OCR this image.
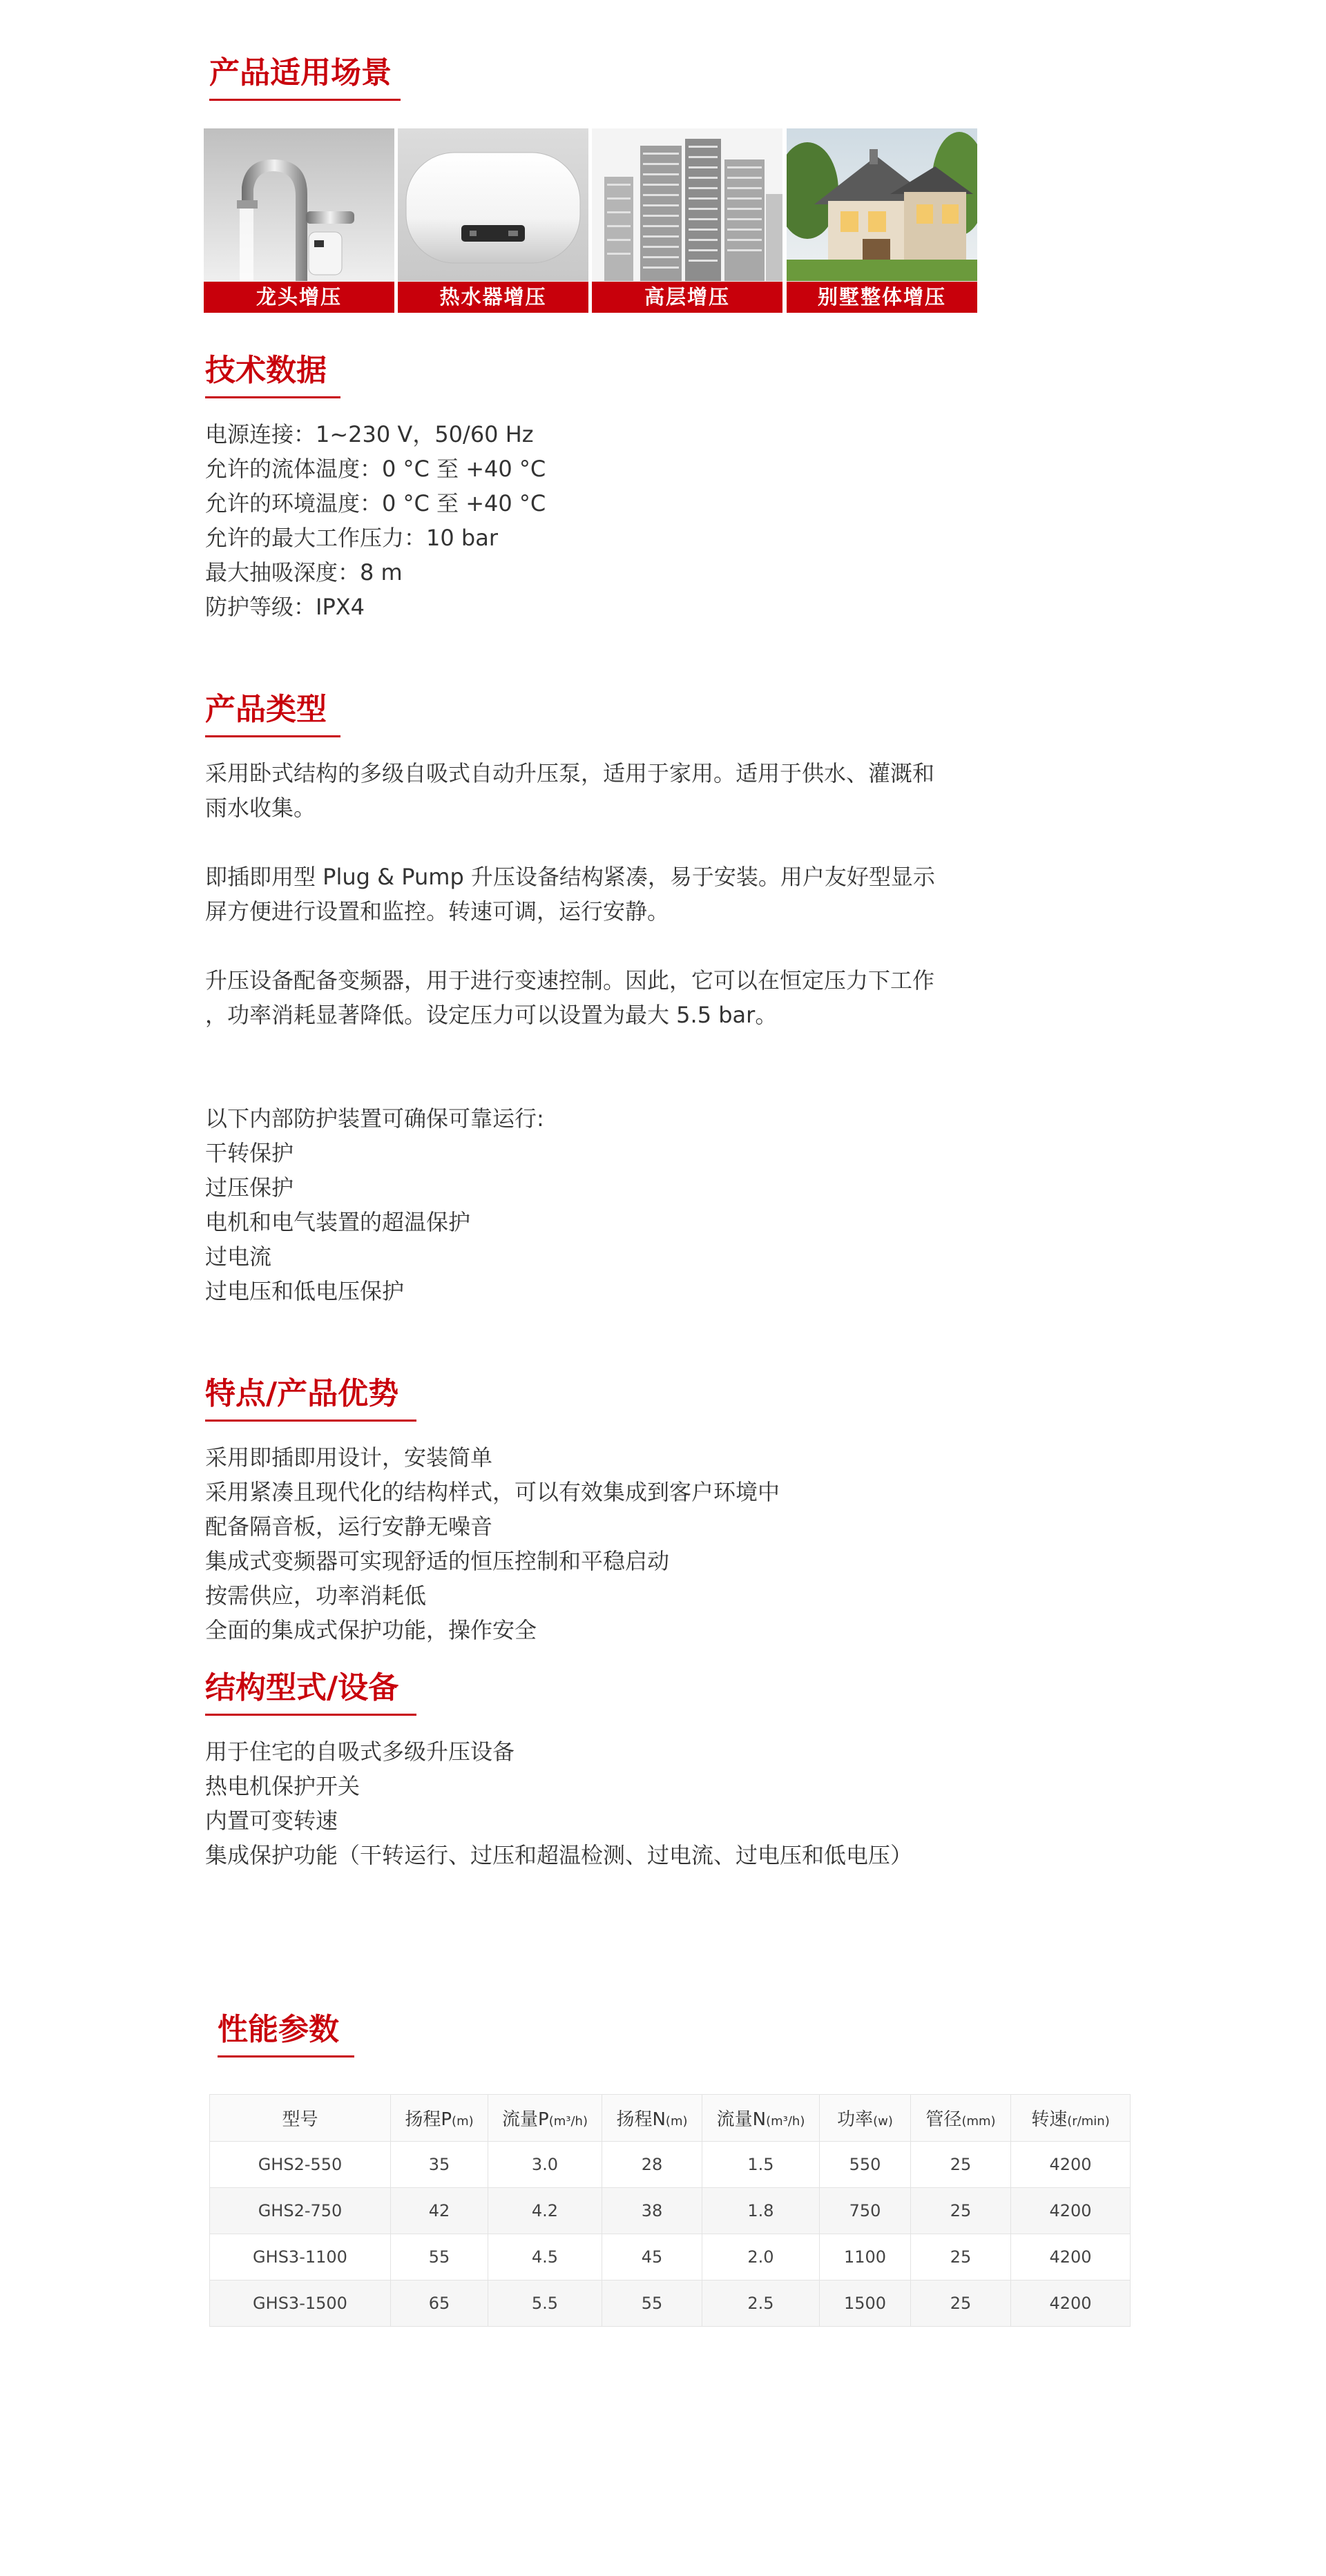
产品适用场景
龙头增压	热水器增压	高层增压	别墅整体增压
技术数据
电源连接：1~230 V，50/60 Hz
允许的流体温度：0 °C 至 +40 °C
允许的环境温度：0 °C 至 +40 °C
允许的最大工作压力：10 bar
最大抽吸深度：8 m
防护等级：IPX4
产品类型
采用卧式结构的多级自吸式自动升压泵，适用于家用。适用于供水、灌溉和
雨水收集。
即插即用型 Plug & Pump 升压设备结构紧凑，易于安装。用户友好型显示
屏方便进行设置和监控。转速可调，运行安静。
升压设备配备变频器，用于进行变速控制。因此，它可以在恒定压力下工作
，功率消耗显著降低。设定压力可以设置为最大 5.5 bar。
以下内部防护装置可确保可靠运行:
干转保护
过压保护
电机和电气装置的超温保护
过电流
过电压和低电压保护
特点/产品优势
采用即插即用设计，安装简单
采用紧凑且现代化的结构样式，可以有效集成到客户环境中
配备隔音板，运行安静无噪音
集成式变频器可实现舒适的恒压控制和平稳启动
按需供应，功率消耗低
全面的集成式保护功能，操作安全
结构型式/设备
用于住宅的自吸式多级升压设备
热电机保护开关
内置可变转速
集成保护功能（干转运行、过压和超温检测、过电流、过电压和低电压）
性能参数
型号	扬程P(m)	流量P(m³/h)	扬程N(m)	流量N(m³/h)	功率(w)	管径(mm)	转速(r/min)
GHS2-550	35	3.0	28	1.5	550	25	4200
GHS2-750	42	4.2	38	1.8	750	25	4200
GHS3-1100	55	4.5	45	2.0	1100	25	4200
GHS3-1500	65	5.5	55	2.5	1500	25	4200
